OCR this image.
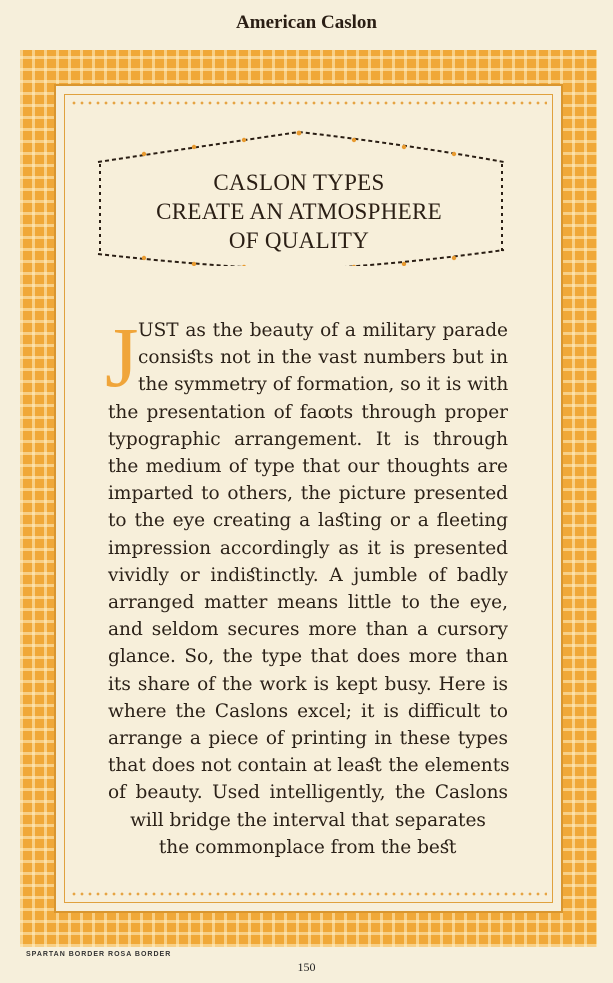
American Caslon
CASLON TYPES
CREATE AN ATMOSPHERE
OF QUALITY
J UST as the beauty of a military parade
consiﬆs not in the vast numbers but in
the symmetry of formation, so it is with
the presentation of faꝏts through proper
typographic arrangement. It is through
the medium of type that our thoughts are
imparted to others, the picture presented
to the eye creating a laﬆing or a fleeting
impression accordingly as it is presented
vividly or indiﬆinctly. A jumble of badly
arranged matter means little to the eye,
and seldom secures more than a cursory
glance. So, the type that does more than
its share of the work is kept busy. Here is
where the Caslons excel; it is difficult to
arrange a piece of printing in these types
that does not contain at leaﬆ the elements
of beauty. Used intelligently, the Caslons
will bridge the interval that separates
the commonplace from the beﬆ
SPARTAN BORDER ROSA BORDER
150
